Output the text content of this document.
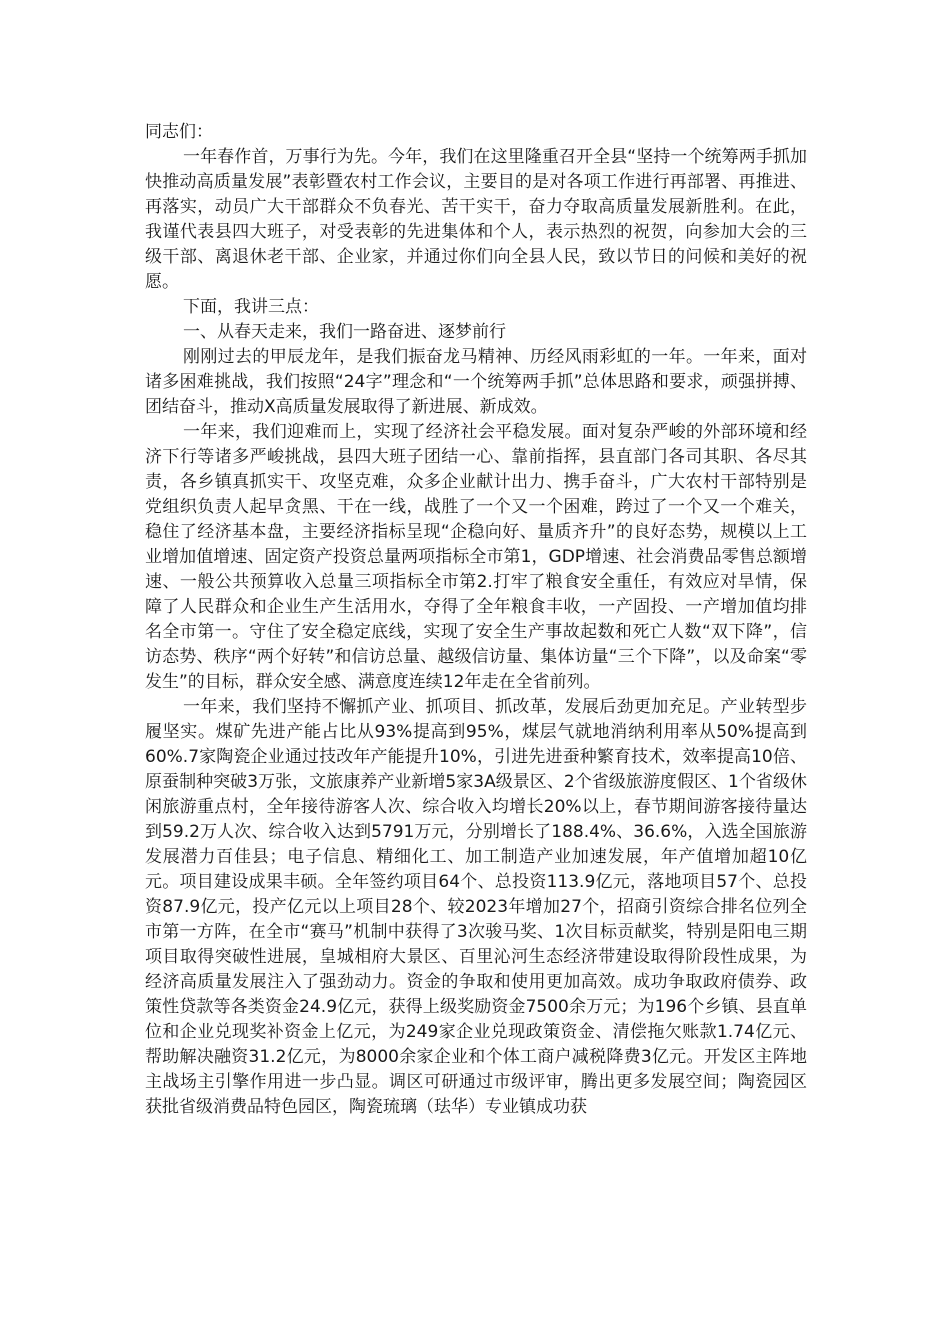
同志们：

一年春作首，万事行为先。今年，我们在这里隆重召开全县“坚持一个统筹两手抓加快推动高质量发展”表彰暨农村工作会议，主要目的是对各项工作进行再部署、再推进、再落实，动员广大干部群众不负春光、苦干实干，奋力夺取高质量发展新胜利。在此，我谨代表县四大班子，对受表彰的先进集体和个人，表示热烈的祝贺，向参加大会的三级干部、离退休老干部、企业家，并通过你们向全县人民，致以节日的问候和美好的祝愿。

下面，我讲三点：

一、从春天走来，我们一路奋进、逐梦前行

刚刚过去的甲辰龙年，是我们振奋龙马精神、历经风雨彩虹的一年。一年来，面对诸多困难挑战，我们按照“24字”理念和“一个统筹两手抓”总体思路和要求，顽强拼搏、团结奋斗，推动X高质量发展取得了新进展、新成效。

一年来，我们迎难而上，实现了经济社会平稳发展。面对复杂严峻的外部环境和经济下行等诸多严峻挑战，县四大班子团结一心、靠前指挥，县直部门各司其职、各尽其责，各乡镇真抓实干、攻坚克难，众多企业献计出力、携手奋斗，广大农村干部特别是党组织负责人起早贪黑、干在一线，战胜了一个又一个困难，跨过了一个又一个难关，稳住了经济基本盘，主要经济指标呈现“企稳向好、量质齐升”的良好态势，规模以上工业增加值增速、固定资产投资总量两项指标全市第1，GDP增速、社会消费品零售总额增速、一般公共预算收入总量三项指标全市第2.打牢了粮食安全重任，有效应对旱情，保障了人民群众和企业生产生活用水，夺得了全年粮食丰收，一产固投、一产增加值均排名全市第一。守住了安全稳定底线，实现了安全生产事故起数和死亡人数“双下降”，信访态势、秩序“两个好转”和信访总量、越级信访量、集体访量“三个下降”，以及命案“零发生”的目标，群众安全感、满意度连续12年走在全省前列。

一年来，我们坚持不懈抓产业、抓项目、抓改革，发展后劲更加充足。产业转型步履坚实。煤矿先进产能占比从93%提高到95%，煤层气就地消纳利用率从50%提高到60%.7家陶瓷企业通过技改年产能提升10%，引进先进蚕种繁育技术，效率提高10倍、原蚕制种突破3万张，文旅康养产业新增5家3A级景区、2个省级旅游度假区、1个省级休闲旅游重点村，全年接待游客人次、综合收入均增长20%以上，春节期间游客接待量达到59.2万人次、综合收入达到5791万元，分别增长了188.4%、36.6%，入选全国旅游发展潜力百佳县；电子信息、精细化工、加工制造产业加速发展，年产值增加超10亿元。项目建设成果丰硕。全年签约项目64个、总投资113.9亿元，落地项目57个、总投资87.9亿元，投产亿元以上项目28个、较2023年增加27个，招商引资综合排名位列全市第一方阵，在全市“赛马”机制中获得了3次骏马奖、1次目标贡献奖，特别是阳电三期项目取得突破性进展，皇城相府大景区、百里沁河生态经济带建设取得阶段性成果，为经济高质量发展注入了强劲动力。资金的争取和使用更加高效。成功争取政府债券、政策性贷款等各类资金24.9亿元，获得上级奖励资金7500余万元；为196个乡镇、县直单位和企业兑现奖补资金上亿元，为249家企业兑现政策资金、清偿拖欠账款1.74亿元、帮助解决融资31.2亿元，为8000余家企业和个体工商户减税降费3亿元。开发区主阵地主战场主引擎作用进一步凸显。调区可研通过市级评审，腾出更多发展空间；陶瓷园区获批省级消费品特色园区，陶瓷琉璃（珐华）专业镇成功获
